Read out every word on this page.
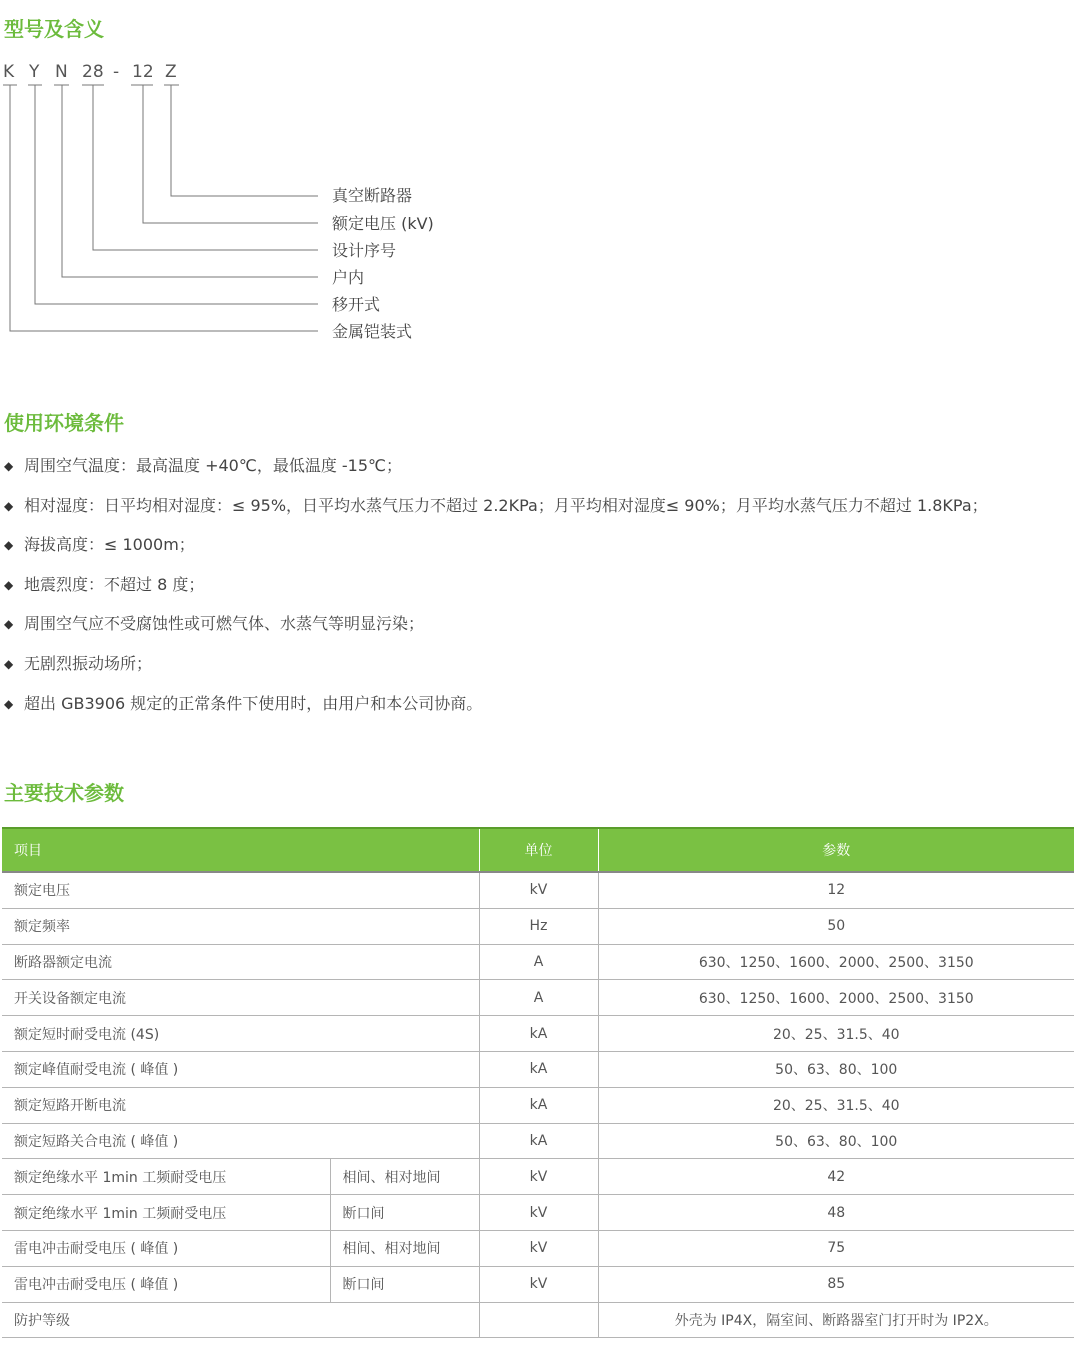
型号及含义
K Y N 28 - 12 Z
真空断路器
额定电压 (kV)
设计序号
户内
移开式
金属铠装式
使用环境条件
◆ 周围空气温度：最高温度 +40℃，最低温度 -15℃；
◆ 相对湿度：日平均相对湿度：≤ 95%，日平均水蒸气压力不超过 2.2KPa；月平均相对湿度≤ 90%；月平均水蒸气压力不超过 1.8KPa；
◆ 海拔高度：≤ 1000m；
◆ 地震烈度：不超过 8 度；
◆ 周围空气应不受腐蚀性或可燃气体、水蒸气等明显污染；
◆ 无剧烈振动场所；
◆ 超出 GB3906 规定的正常条件下使用时，由用户和本公司协商。
主要技术参数
项目		单位	参数
额定电压		kV	12
额定频率		Hz	50
断路器额定电流		A	630、1250、1600、2000、2500、3150
开关设备额定电流		A	630、1250、1600、2000、2500、3150
额定短时耐受电流 (4S)		kA	20、25、31.5、40
额定峰值耐受电流 ( 峰值 )		kA	50、63、80、100
额定短路开断电流		kA	20、25、31.5、40
额定短路关合电流 ( 峰值 )		kA	50、63、80、100
额定绝缘水平 1min 工频耐受电压	相间、相对地间	kV	42
额定绝缘水平 1min 工频耐受电压	断口间	kV	48
雷电冲击耐受电压 ( 峰值 )	相间、相对地间	kV	75
雷电冲击耐受电压 ( 峰值 )	断口间	kV	85
防护等级			外壳为 IP4X，隔室间、断路器室门打开时为 IP2X。
